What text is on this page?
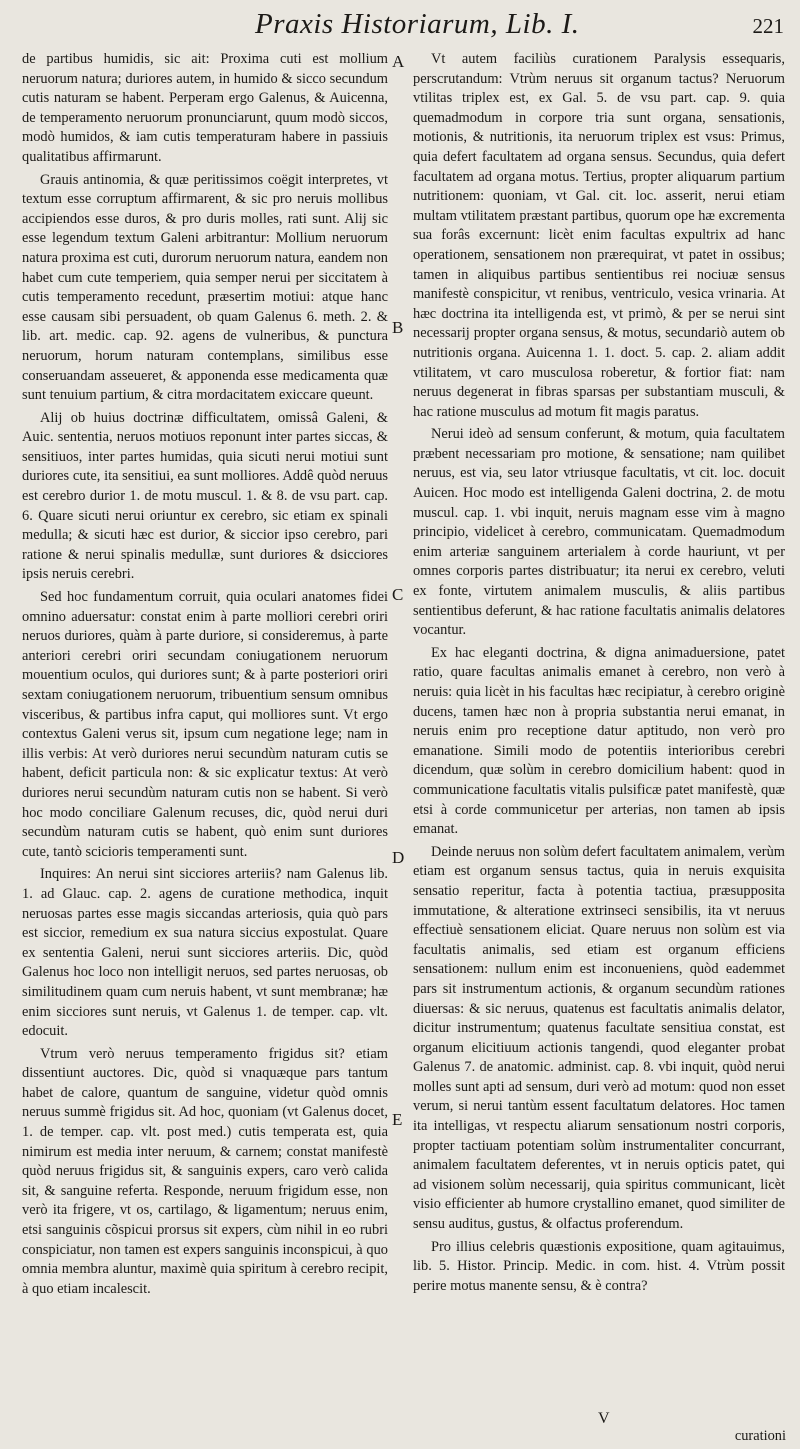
Praxis Historiarum, Lib. I.	221

de partibus humidis, sic ait: Proxima cuti est mollium neruorum natura; duriores autem, in humido & sicco secundum cutis naturam se habent. Perperam ergo Galenus, & Auicenna, de temperamento neruorum pronunciarunt, quum modò siccos, modò humidos, & iam cutis temperaturam habere in passiuis qualitatibus affirmarunt.

Grauis antinomia, & quæ peritissimos coëgit interpretes, vt textum esse corruptum affirmarent, & sic pro neruis mollibus accipiendos esse duros, & pro duris molles, rati sunt. Alij sic esse legendum textum Galeni arbitrantur: Mollium neruorum natura proxima est cuti, durorum neruorum natura, eandem non habet cum cute temperiem, quia semper nerui per siccitatem à cutis temperamento recedunt, præsertim motiui: atque hanc esse causam sibi persuadent, ob quam Galenus 6. meth. 2. & lib. art. medic. cap. 92. agens de vulneribus, & punctura neruorum, horum naturam contemplans, similibus esse conseruandam asseueret, & apponenda esse medicamenta quæ sunt tenuium partium, & citra mordacitatem exiccare queunt.

Alij ob huius doctrinæ difficultatem, omissâ Galeni, & Auic. sententia, neruos motiuos reponunt inter partes siccas, & sensitiuos, inter partes humidas, quia sicuti nerui motiui sunt duriores cute, ita sensitiui, ea sunt molliores. Addê quòd neruus est cerebro durior 1. de motu muscul. 1. & 8. de vsu part. cap. 6. Quare sicuti nerui oriuntur ex cerebro, sic etiam ex spinali medulla; & sicuti hæc est durior, & siccior ipso cerebro, pari ratione & nerui spinalis medullæ, sunt duriores & dsicciores ipsis neruis cerebri.

Sed hoc fundamentum corruit, quia oculari anatomes fidei omnino aduersatur: constat enim à parte molliori cerebri oriri neruos duriores, quàm à parte duriore, si consideremus, à parte anteriori cerebri oriri secundam coniugationem neruorum mouentium oculos, qui duriores sunt; & à parte posteriori oriri sextam coniugationem neruorum, tribuentium sensum omnibus visceribus, & partibus infra caput, qui molliores sunt. Vt ergo contextus Galeni verus sit, ipsum cum negatione lege; nam in illis verbis: At verò duriores nerui secundùm naturam cutis se habent, deficit particula non: & sic explicatur textus: At verò duriores nerui secundùm naturam cutis non se habent. Si verò hoc modo conciliare Galenum recuses, dic, quòd nerui duri secundùm naturam cutis se habent, quò enim sunt duriores cute, tantò scicioris temperamenti sunt.

Inquires: An nerui sint sicciores arteriis? nam Galenus lib. 1. ad Glauc. cap. 2. agens de curatione methodica, inquit neruosas partes esse magis siccandas arteriosis, quia quò pars est siccior, remedium ex sua natura siccius expostulat. Quare ex sententia Galeni, nerui sunt sicciores arteriis. Dic, quòd Galenus hoc loco non intelligit neruos, sed partes neruosas, ob similitudinem quam cum neruis habent, vt sunt membranæ; hæ enim sicciores sunt neruis, vt Galenus 1. de temper. cap. vlt. edocuit.

Vtrum verò neruus temperamento frigidus sit? etiam dissentiunt auctores. Dic, quòd si vnaquæque pars tantum habet de calore, quantum de sanguine, videtur quòd omnis neruus summè frigidus sit. Ad hoc, quoniam (vt Galenus docet, 1. de temper. cap. vlt. post med.) cutis temperata est, quia nimirum est media inter neruum, & carnem; constat manifestè quòd neruus frigidus sit, & sanguinis expers, caro verò calida sit, & sanguine referta. Responde, neruum frigidum esse, non verò ita frigere, vt os, cartilago, & ligamentum; neruus enim, etsi sanguinis cõspicui prorsus sit expers, cùm nihil in eo rubri conspiciatur, non tamen est expers sanguinis inconspicui, à quo omnia membra aluntur, maximè quia spiritum à cerebro recipit, à quo etiam incalescit.

A
B
C
D
E

Vt autem faciliùs curationem Paralysis essequaris, perscrutandum: Vtrùm neruus sit organum tactus? Neruorum vtilitas triplex est, ex Gal. 5. de vsu part. cap. 9. quia quemadmodum in corpore tria sunt organa, sensationis, motionis, & nutritionis, ita neruorum triplex est vsus: Primus, quia defert facultatem ad organa sensus. Secundus, quia defert facultatem ad organa motus. Tertius, propter aliquarum partium nutritionem: quoniam, vt Gal. cit. loc. asserit, nerui etiam multam vtilitatem præstant partibus, quorum ope hæ excrementa sua forâs excernunt: licèt enim facultas expultrix ad hanc operationem, sensationem non prærequirat, vt patet in ossibus; tamen in aliquibus partibus sentientibus rei nociuæ sensus manifestè conspicitur, vt renibus, ventriculo, vesica vrinaria. At hæc doctrina ita intelligenda est, vt primò, & per se nerui sint necessarij propter organa sensus, & motus, secundariò autem ob nutritionis organa. Auicenna 1. 1. doct. 5. cap. 2. aliam addit vtilitatem, vt caro musculosa roberetur, & fortior fiat: nam neruus degenerat in fibras sparsas per substantiam musculi, & hac ratione musculus ad motum fit magis paratus.

Nerui ideò ad sensum conferunt, & motum, quia facultatem præbent necessariam pro motione, & sensatione; nam quilibet neruus, est via, seu lator vtriusque facultatis, vt cit. loc. docuit Auicen. Hoc modo est intelligenda Galeni doctrina, 2. de motu muscul. cap. 1. vbi inquit, neruis magnam esse vim à magno principio, videlicet à cerebro, communicatam. Quemadmodum enim arteriæ sanguinem arterialem à corde hauriunt, vt per omnes corporis partes distribuatur; ita nerui ex cerebro, veluti ex fonte, virtutem animalem musculis, & aliis partibus sentientibus deferunt, & hac ratione facultatis animalis delatores vocantur.

Ex hac eleganti doctrina, & digna animaduersione, patet ratio, quare facultas animalis emanet à cerebro, non verò à neruis: quia licèt in his facultas hæc recipiatur, à cerebro originè ducens, tamen hæc non à propria substantia nerui emanat, in neruis enim pro receptione datur aptitudo, non verò pro emanatione. Simili modo de potentiis interioribus cerebri dicendum, quæ solùm in cerebro domicilium habent: quod in communicatione facultatis vitalis pulsificæ patet manifestè, quæ etsi à corde communicetur per arterias, non tamen ab ipsis emanat.

Deinde neruus non solùm defert facultatem animalem, verùm etiam est organum sensus tactus, quia in neruis exquisita sensatio reperitur, facta à potentia tactiua, præsupposita immutatione, & alteratione extrinseci sensibilis, ita vt neruus effectiuè sensationem eliciat. Quare neruus non solùm est via facultatis animalis, sed etiam est organum efficiens sensationem: nullum enim est inconueniens, quòd eademmet pars sit instrumentum actionis, & organum secundùm rationes diuersas: & sic neruus, quatenus est facultatis animalis delator, dicitur instrumentum; quatenus facultate sensitiua constat, est organum elicitiuum actionis tangendi, quod eleganter probat Galenus 7. de anatomic. administ. cap. 8. vbi inquit, quòd nerui molles sunt apti ad sensum, duri verò ad motum: quod non esset verum, si nerui tantùm essent facultatum delatores. Hoc tamen ita intelligas, vt respectu aliarum sensationum nostri corporis, propter tactiuam potentiam solùm instrumentaliter concurrant, animalem facultatem deferentes, vt in neruis opticis patet, qui ad visionem solùm necessarij, quia spiritus communicant, licèt visio efficienter ab humore crystallino emanet, quod similiter de sensu auditus, gustus, & olfactus proferendum.

Pro illius celebris quæstionis expositione, quam agitauimus, lib. 5. Histor. Princip. Medic. in com. hist. 4. Vtrùm possit perire motus manente sensu, & è contra?

V
curationi
